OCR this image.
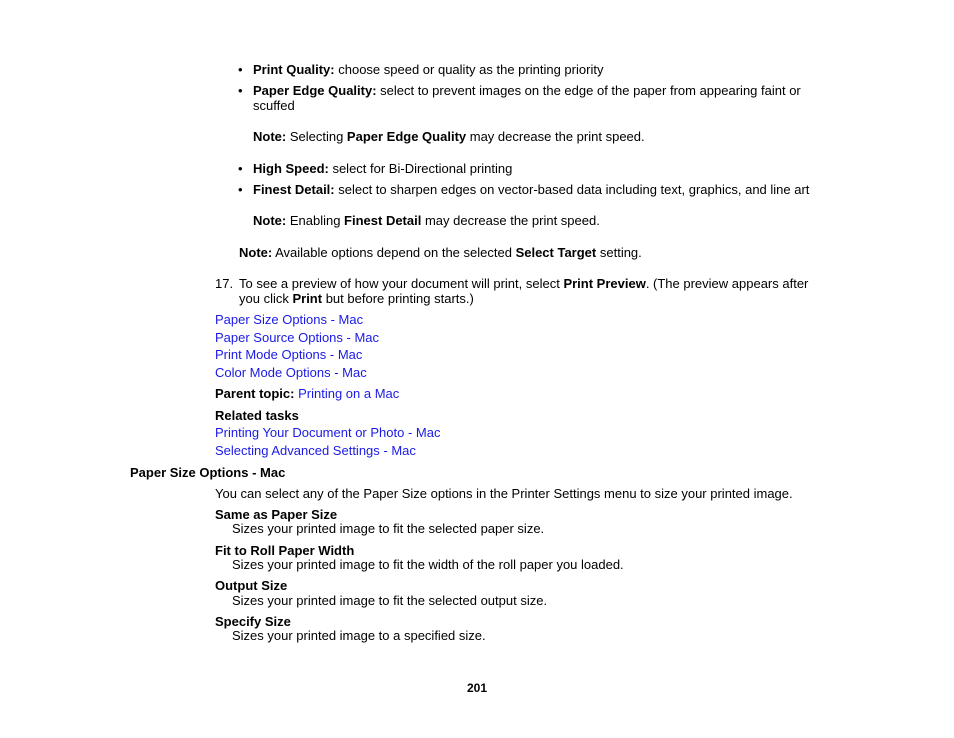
• Print Quality: choose speed or quality as the printing priority
• Paper Edge Quality: select to prevent images on the edge of the paper from appearing faint or
scuffed
Note: Selecting Paper Edge Quality may decrease the print speed.
• High Speed: select for Bi-Directional printing
• Finest Detail: select to sharpen edges on vector-based data including text, graphics, and line art
Note: Enabling Finest Detail may decrease the print speed.
Note: Available options depend on the selected Select Target setting.
17. To see a preview of how your document will print, select Print Preview. (The preview appears after
you click Print but before printing starts.)
Paper Size Options - Mac
Paper Source Options - Mac
Print Mode Options - Mac
Color Mode Options - Mac
Parent topic: Printing on a Mac
Related tasks
Printing Your Document or Photo - Mac
Selecting Advanced Settings - Mac
Paper Size Options - Mac
You can select any of the Paper Size options in the Printer Settings menu to size your printed image.
Same as Paper Size
Sizes your printed image to fit the selected paper size.
Fit to Roll Paper Width
Sizes your printed image to fit the width of the roll paper you loaded.
Output Size
Sizes your printed image to fit the selected output size.
Specify Size
Sizes your printed image to a specified size.
201
